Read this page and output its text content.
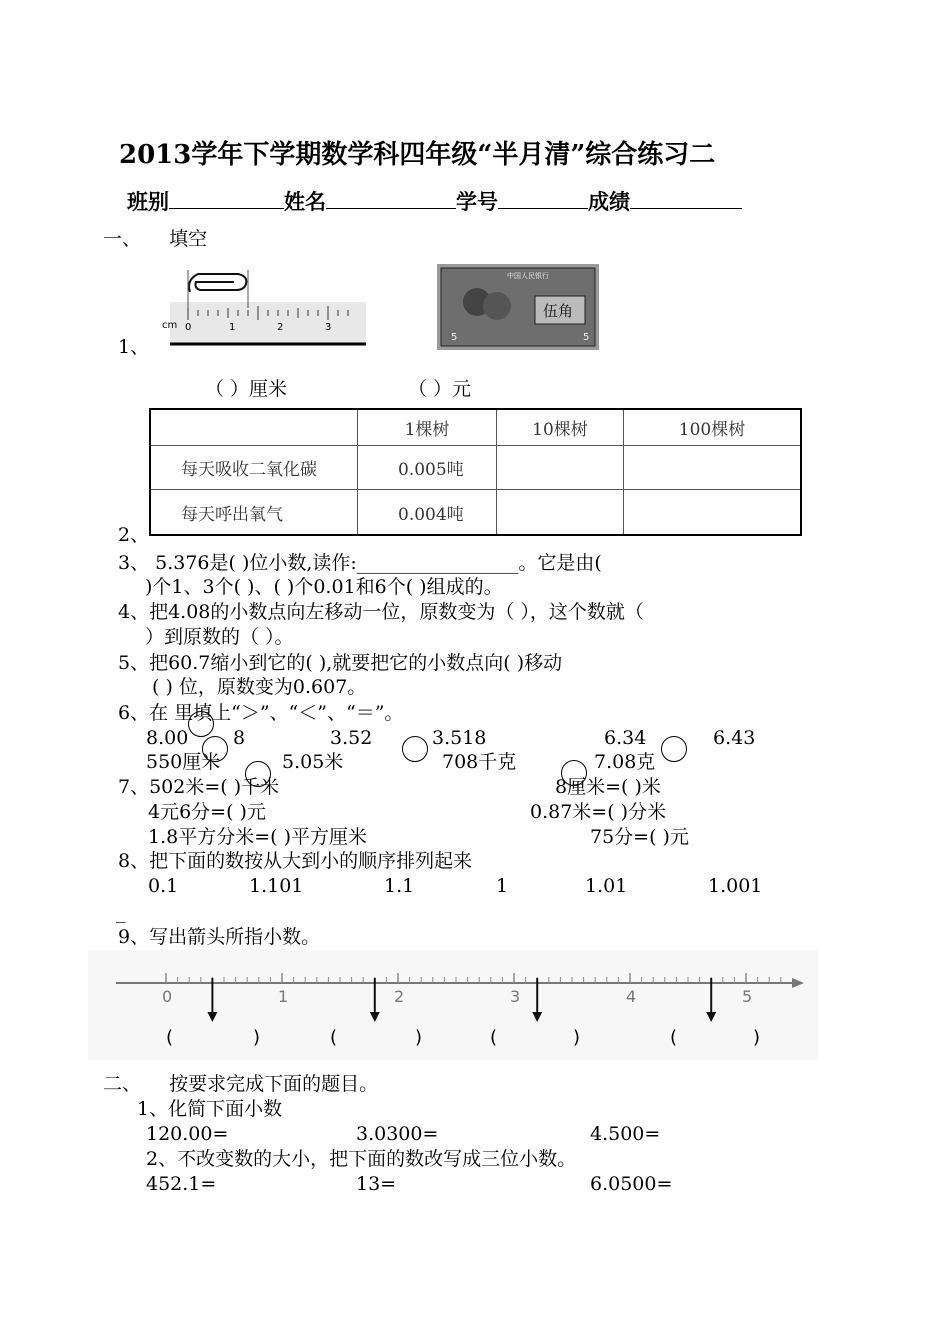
2013学年下学期数学科四年级“半月清”综合练习二
班别	姓名	学号	成绩
一、 填空
cm 0	1	2	3
1、
中国人民银行
伍角
5	5
（ ）厘米	（ ）元
	1棵树	10棵树	100棵树
每天吸收二氧化碳	0.005吨		
每天呼出氧气	0.004吨		
2、
3、 5.376是( )位小数,读作:_________________。它是由(
)个1、3个( )、( )个0.01和6个( )组成的。
4、把4.08的小数点向左移动一位，原数变为（ ），这个数就（
）到原数的（ ）。
5、把60.7缩小到它的( ),就要把它的小数点向( )移动
( ) 位，原数变为0.607。
6、在 里填上“＞”、“＜”、“＝”。
8.00 8	3.52	3.518	6.34	6.43
550厘米	5.05米	708千克	7.08克
7、502米=( )千米	8厘米=( )米
4元6分=( )元	0.87米=( )分米
1.8平方分米=( )平方厘米	75分=( )元
8、把下面的数按从大到小的顺序排列起来
0.1	1.101	1.1	1	1.01	1.001
_
9、写出箭头所指小数。
0	1	2	3	4	5
(	)	(	)	(	)	(	)
二、 按要求完成下面的题目。
1、化简下面小数
120.00=	3.0300=	4.500=
2、不改变数的大小，把下面的数改写成三位小数。
452.1=	13=	6.0500=
